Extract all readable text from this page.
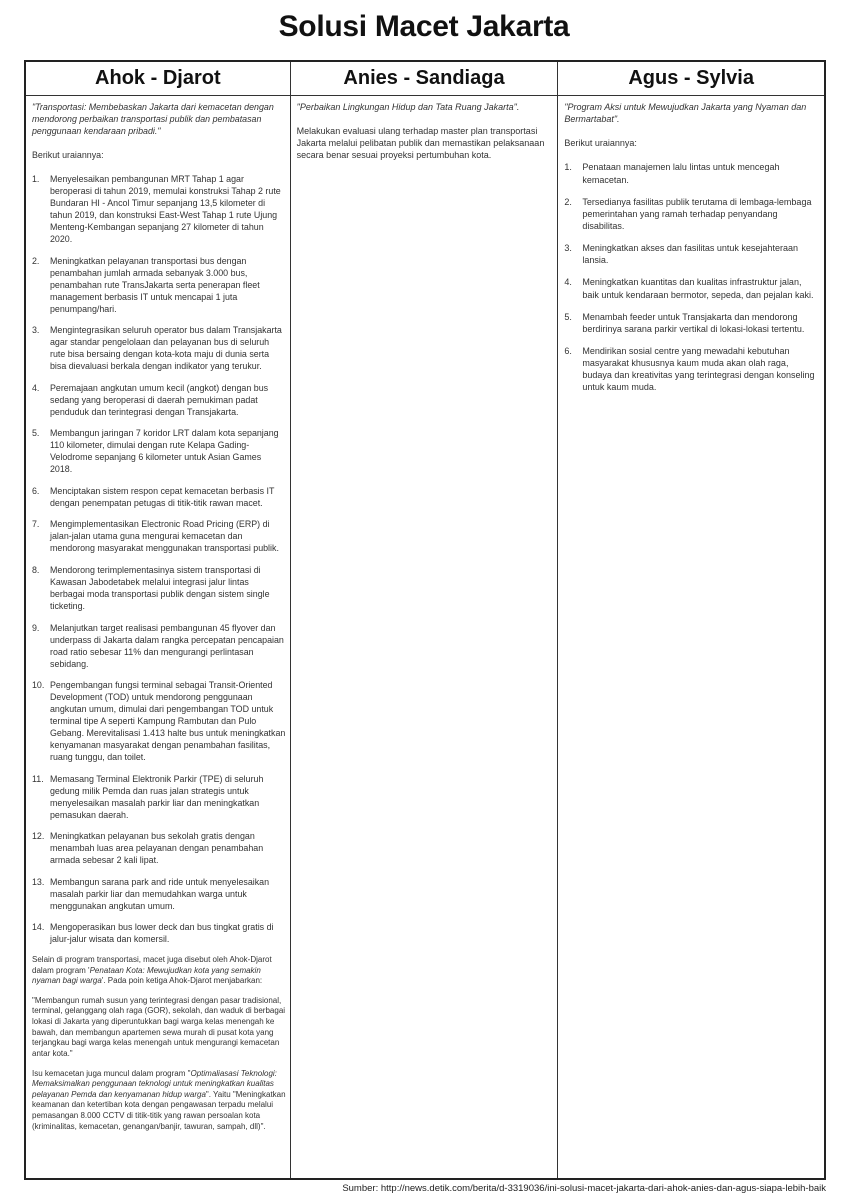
Solusi Macet Jakarta
Ahok - Djarot

"Transportasi: Membebaskan Jakarta dari kemacetan dengan mendorong perbaikan transportasi publik dan pembatasan penggunaan kendaraan pribadi."

Berikut uraiannya:

1.	Menyelesaikan pembangunan MRT Tahap 1 agar beroperasi di tahun 2019, memulai konstruksi Tahap 2 rute Bundaran HI - Ancol Timur sepanjang 13,5 kilometer di tahun 2019, dan konstruksi East-West Tahap 1 rute Ujung Menteng-Kembangan sepanjang 27 kilometer di tahun 2020.
2.	Meningkatkan pelayanan transportasi bus dengan penambahan jumlah armada sebanyak 3.000 bus, penambahan rute TransJakarta serta penerapan fleet management berbasis IT untuk mencapai 1 juta penumpang/hari.
3.	Mengintegrasikan seluruh operator bus dalam Transjakarta agar standar pengelolaan dan pelayanan bus di seluruh rute bisa bersaing dengan kota-kota maju di dunia serta bisa dievaluasi berkala dengan indikator yang terukur.
4.	Peremajaan angkutan umum kecil (angkot) dengan bus sedang yang beroperasi di daerah pemukiman padat penduduk dan terintegrasi dengan Transjakarta.
5.	Membangun jaringan 7 koridor LRT dalam kota sepanjang 110 kilometer, dimulai dengan rute Kelapa Gading-Velodrome sepanjang 6 kilometer untuk Asian Games 2018.
6.	Menciptakan sistem respon cepat kemacetan berbasis IT dengan penempatan petugas di titik-titik rawan macet.
7.	Mengimplementasikan Electronic Road Pricing (ERP) di jalan-jalan utama guna mengurai kemacetan dan mendorong masyarakat menggunakan transportasi publik.
8.	Mendorong terimplementasinya sistem transportasi di Kawasan Jabodetabek melalui integrasi jalur lintas berbagai moda transportasi publik dengan sistem single ticketing.
9.	Melanjutkan target realisasi pembangunan 45 flyover dan underpass di Jakarta dalam rangka percepatan pencapaian road ratio sebesar 11% dan mengurangi perlintasan sebidang.
10. Pengembangan fungsi terminal sebagai Transit-Oriented Development (TOD) untuk mendorong penggunaan angkutan umum, dimulai dari pengembangan TOD untuk terminal tipe A seperti Kampung Rambutan dan Pulo Gebang. Merevitalisasi 1.413 halte bus untuk meningkatkan kenyamanan masyarakat dengan penambahan fasilitas, ruang tunggu, dan toilet.
11. Memasang Terminal Elektronik Parkir (TPE) di seluruh gedung milik Pemda dan ruas jalan strategis untuk menyelesaikan masalah parkir liar dan meningkatkan pemasukan daerah.
12. Meningkatkan pelayanan bus sekolah gratis dengan menambah luas area pelayanan dengan penambahan armada sebesar 2 kali lipat.
13. Membangun sarana park and ride untuk menyelesaikan masalah parkir liar dan memudahkan warga untuk menggunakan angkutan umum.
14. Mengoperasikan bus lower deck dan bus tingkat gratis di jalur-jalur wisata dan komersil.

Selain di program transportasi, macet juga disebut oleh Ahok-Djarot dalam program 'Penataan Kota: Mewujudkan kota yang semakin nyaman bagi warga'. Pada poin ketiga Ahok-Djarot menjabarkan:

"Membangun rumah susun yang terintegrasi dengan pasar tradisional, terminal, gelanggang olah raga (GOR), sekolah, dan waduk di berbagai lokasi di Jakarta yang diperuntukkan bagi warga kelas menengah ke bawah, dan membangun apartemen sewa murah di pusat kota yang terjangkau bagi warga kelas menengah untuk mengurangi kemacetan antar kota."

Isu kemacetan juga muncul dalam program "Optimaliasasi Teknologi: Memaksimalkan penggunaan teknologi untuk meningkatkan kualitas pelayanan Pemda dan kenyamanan hidup warga". Yaitu "Meningkatkan keamanan dan ketertiban kota dengan pengawasan terpadu melalui pemasangan 8.000 CCTV di titik-titik yang rawan persoalan kota (kriminalitas, kemacetan, genangan/banjir, tawuran, sampah, dll)".

Anies - Sandiaga

"Perbaikan Lingkungan Hidup dan Tata Ruang Jakarta".

Melakukan evaluasi ulang terhadap master plan transportasi Jakarta melalui pelibatan publik dan memastikan pelaksanaan secara benar sesuai proyeksi pertumbuhan kota.

Agus - Sylvia

"Program Aksi untuk Mewujudkan Jakarta yang Nyaman dan Bermartabat".

Berikut uraiannya:

1.	Penataan manajemen lalu lintas untuk mencegah kemacetan.
2.	Tersedianya fasilitas publik terutama di lembaga-lembaga pemerintahan yang ramah terhadap penyandang disabilitas.
3.	Meningkatkan akses dan fasilitas untuk kesejahteraan lansia.
4.	Meningkatkan kuantitas dan kualitas infrastruktur jalan, baik untuk kendaraan bermotor, sepeda, dan pejalan kaki.
5.	Menambah feeder untuk Transjakarta dan mendorong berdirinya sarana parkir vertikal di lokasi-lokasi tertentu.
6.	Mendirikan sosial centre yang mewadahi kebutuhan masyarakat khususnya kaum muda akan olah raga, budaya dan kreativitas yang terintegrasi dengan konseling untuk kaum muda.
Sumber: http://news.detik.com/berita/d-3319036/ini-solusi-macet-jakarta-dari-ahok-anies-dan-agus-siapa-lebih-baik
